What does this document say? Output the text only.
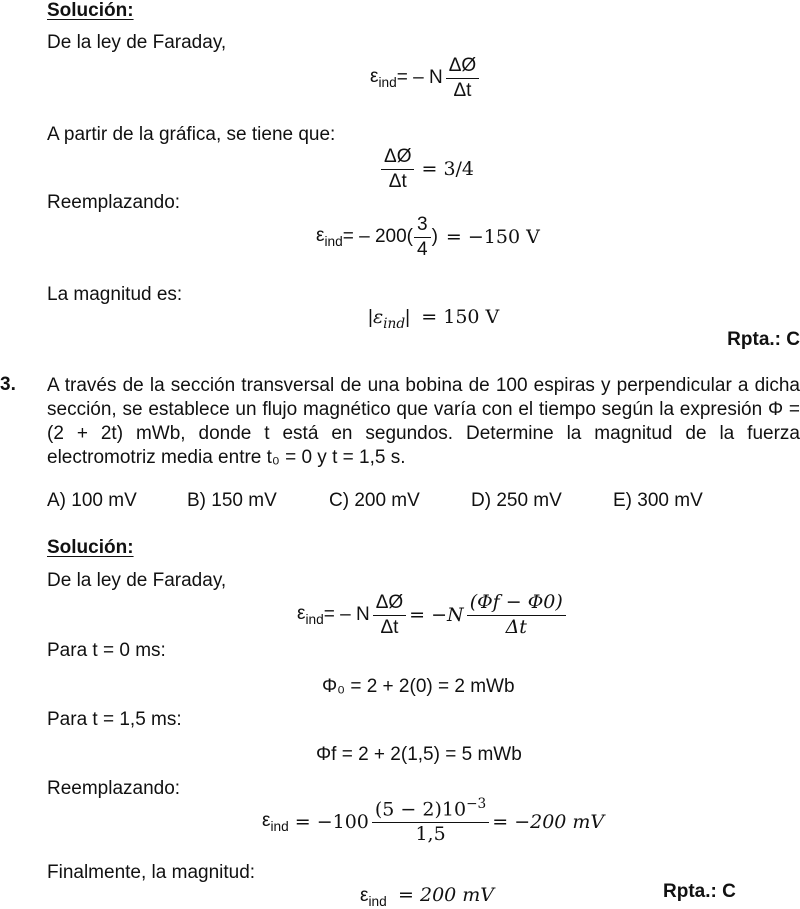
Solución:
De la ley de Faraday,
$\varepsilon_{ind}$ = – N $\frac{\Delta Ø}{\Delta t}$
A partir de la gráfica, se tiene que:
$\frac{\Delta Ø}{\Delta t} = 3/4$
Reemplazando:
$\varepsilon_{ind}$ = – $200( \frac{3}{4}$ ) = −150 V
La magnitud es:
$|\varepsilon_{ind}| = 150$ V
Rpta.: C
3. A través de la sección transversal de una bobina de 100 espiras y perpendicular a dicha sección, se establece un flujo magnético que varía con el tiempo según la expresión Φ = (2 + 2t) mWb, donde t está en segundos. Determine la magnitud de la fuerza electromotriz media entre t₀ = 0 y t = 1,5 s.
A) 100 mV	B) 150 mV	C) 200 mV	D) 250 mV	E) 300 mV
Solución:
De la ley de Faraday,
$\varepsilon_{ind}$ = – N $\frac{\Delta Ø}{\Delta t} = -N \frac{(\Phi f - \Phi 0)}{\Delta t}$
Para t = 0 ms:
Φ₀ = 2 + 2(0) = 2 mWb
Para t = 1,5 ms:
Φf = 2 + 2(1,5) = 5 mWb
Reemplazando:
$\varepsilon_{ind} = -100 \frac{(5 - 2)10^{-3}}{1,5} = -200$ mV
Finalmente, la magnitud:
$\varepsilon_{ind} = 200$ mV	Rpta.: C
